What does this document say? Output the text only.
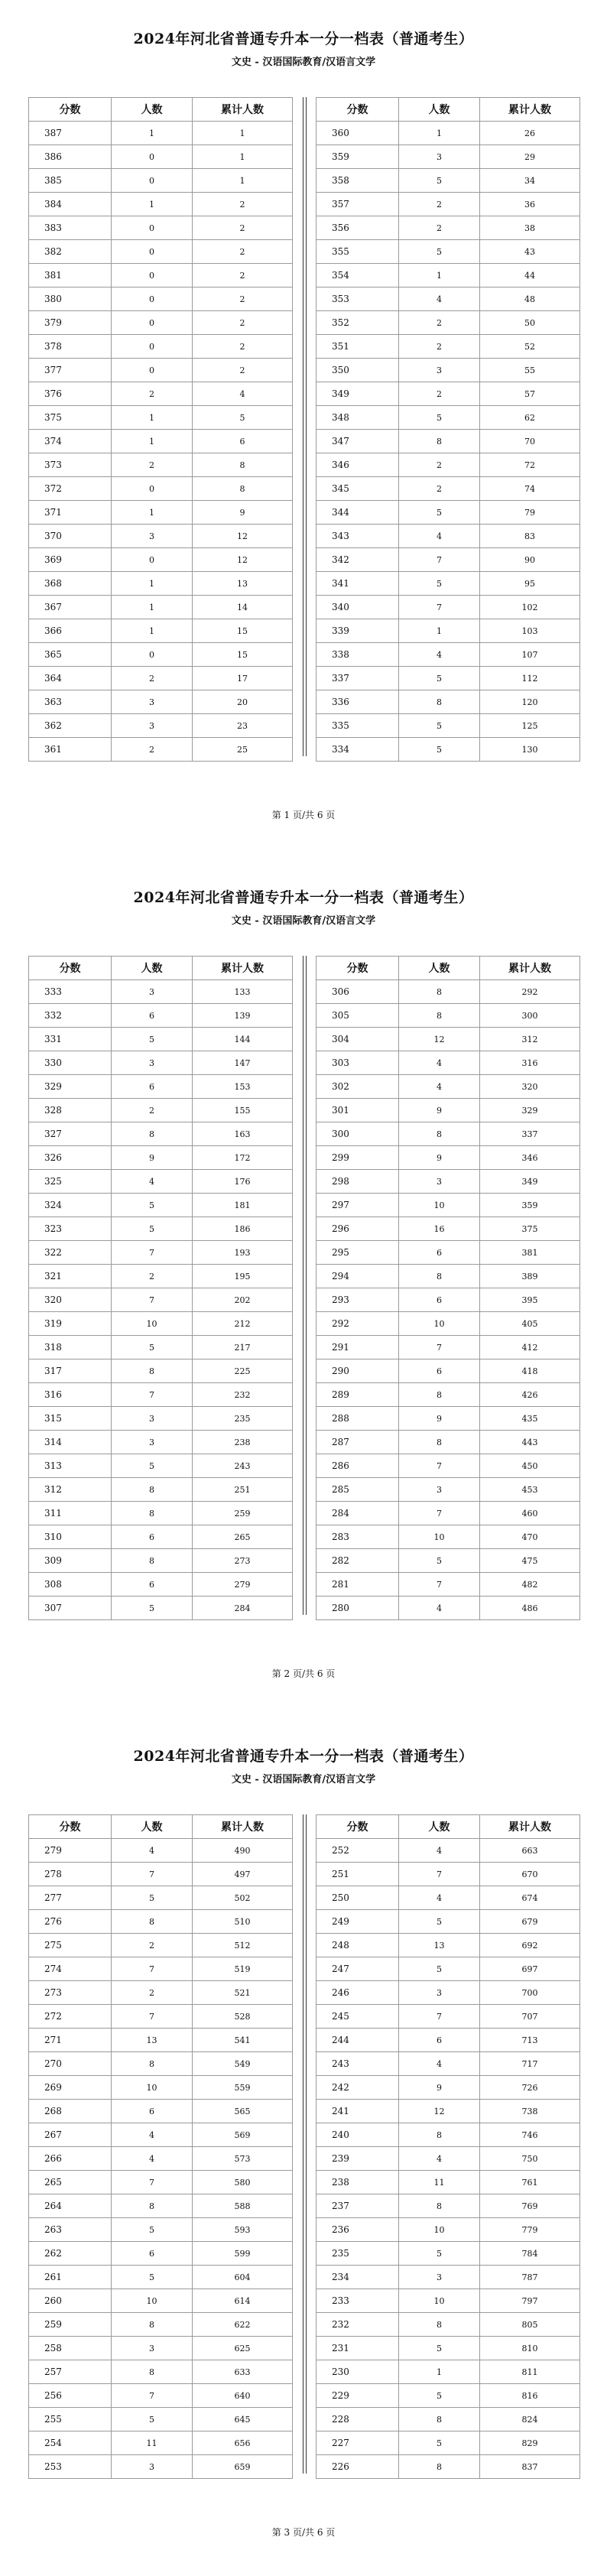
2024年河北省普通专升本一分一档表（普通考生）
文史 - 汉语国际教育/汉语言文学
分数	人数	累计人数
387	1	1
386	0	1
385	0	1
384	1	2
383	0	2
382	0	2
381	0	2
380	0	2
379	0	2
378	0	2
377	0	2
376	2	4
375	1	5
374	1	6
373	2	8
372	0	8
371	1	9
370	3	12
369	0	12
368	1	13
367	1	14
366	1	15
365	0	15
364	2	17
363	3	20
362	3	23
361	2	25
分数	人数	累计人数
360	1	26
359	3	29
358	5	34
357	2	36
356	2	38
355	5	43
354	1	44
353	4	48
352	2	50
351	2	52
350	3	55
349	2	57
348	5	62
347	8	70
346	2	72
345	2	74
344	5	79
343	4	83
342	7	90
341	5	95
340	7	102
339	1	103
338	4	107
337	5	112
336	8	120
335	5	125
334	5	130
第 1 页/共 6 页
2024年河北省普通专升本一分一档表（普通考生）
文史 - 汉语国际教育/汉语言文学
分数	人数	累计人数
333	3	133
332	6	139
331	5	144
330	3	147
329	6	153
328	2	155
327	8	163
326	9	172
325	4	176
324	5	181
323	5	186
322	7	193
321	2	195
320	7	202
319	10	212
318	5	217
317	8	225
316	7	232
315	3	235
314	3	238
313	5	243
312	8	251
311	8	259
310	6	265
309	8	273
308	6	279
307	5	284
分数	人数	累计人数
306	8	292
305	8	300
304	12	312
303	4	316
302	4	320
301	9	329
300	8	337
299	9	346
298	3	349
297	10	359
296	16	375
295	6	381
294	8	389
293	6	395
292	10	405
291	7	412
290	6	418
289	8	426
288	9	435
287	8	443
286	7	450
285	3	453
284	7	460
283	10	470
282	5	475
281	7	482
280	4	486
第 2 页/共 6 页
2024年河北省普通专升本一分一档表（普通考生）
文史 - 汉语国际教育/汉语言文学
分数	人数	累计人数
279	4	490
278	7	497
277	5	502
276	8	510
275	2	512
274	7	519
273	2	521
272	7	528
271	13	541
270	8	549
269	10	559
268	6	565
267	4	569
266	4	573
265	7	580
264	8	588
263	5	593
262	6	599
261	5	604
260	10	614
259	8	622
258	3	625
257	8	633
256	7	640
255	5	645
254	11	656
253	3	659
分数	人数	累计人数
252	4	663
251	7	670
250	4	674
249	5	679
248	13	692
247	5	697
246	3	700
245	7	707
244	6	713
243	4	717
242	9	726
241	12	738
240	8	746
239	4	750
238	11	761
237	8	769
236	10	779
235	5	784
234	3	787
233	10	797
232	8	805
231	5	810
230	1	811
229	5	816
228	8	824
227	5	829
226	8	837
第 3 页/共 6 页
